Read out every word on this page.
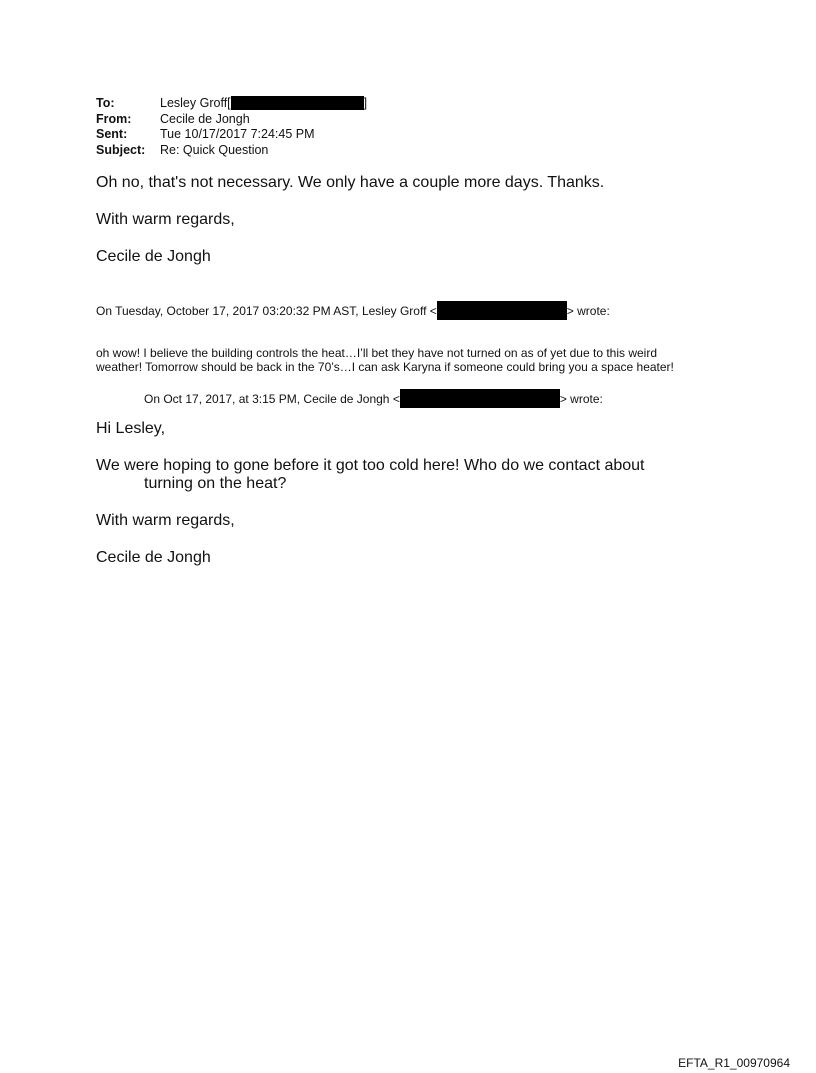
To:	Lesley Groff[	]
From:	Cecile de Jongh
Sent:	Tue 10/17/2017 7:24:45 PM
Subject:	Re: Quick Question
Oh no, that's not necessary. We only have a couple more days. Thanks.
With warm regards,
Cecile de Jongh
On Tuesday, October 17, 2017 03:20:32 PM AST, Lesley Groff <	> wrote:
oh wow! I believe the building controls the heat…I’ll bet they have not turned on as of yet due to this weird
weather! Tomorrow should be back in the 70’s…I can ask Karyna if someone could bring you a space heater!
On Oct 17, 2017, at 3:15 PM, Cecile de Jongh <	> wrote:
Hi Lesley,
We were hoping to gone before it got too cold here! Who do we contact about
turning on the heat?
With warm regards,
Cecile de Jongh
EFTA_R1_00970964
